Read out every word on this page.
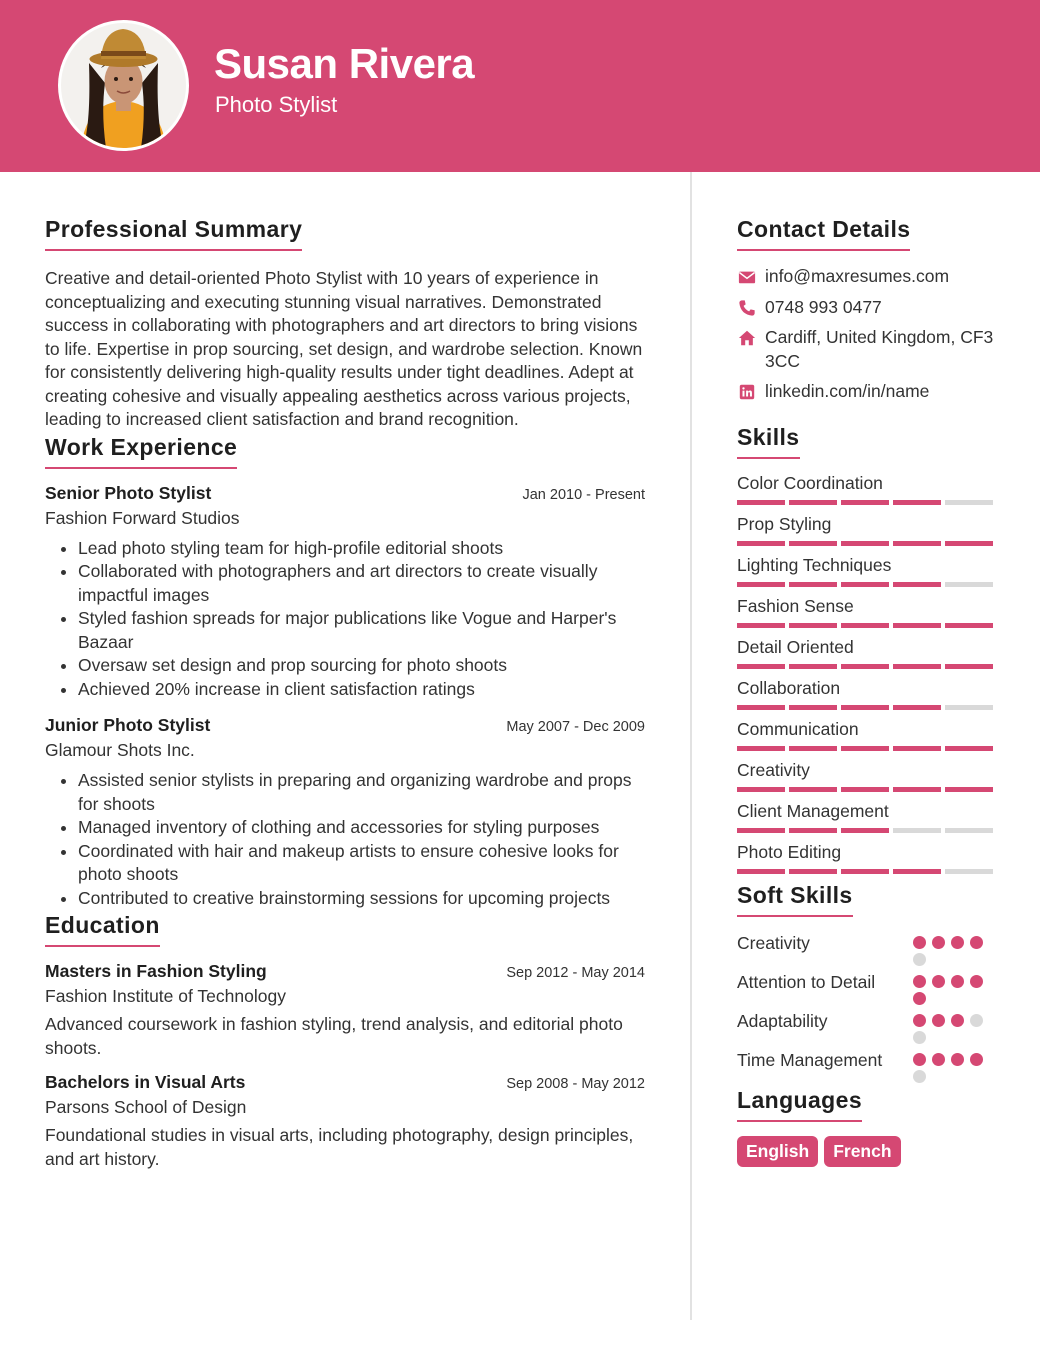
Susan Rivera
Photo Stylist
Professional Summary

Creative and detail-oriented Photo Stylist with 10 years of experience in conceptualizing and executing stunning visual narratives. Demonstrated success in collaborating with photographers and art directors to bring visions to life. Expertise in prop sourcing, set design, and wardrobe selection. Known for consistently delivering high-quality results under tight deadlines. Adept at creating cohesive and visually appealing aesthetics across various projects, leading to increased client satisfaction and brand recognition.

Work Experience
Senior Photo Stylist	Jan 2010 - Present
Fashion Forward Studios
• Lead photo styling team for high-profile editorial shoots
• Collaborated with photographers and art directors to create visually impactful images
• Styled fashion spreads for major publications like Vogue and Harper's Bazaar
• Oversaw set design and prop sourcing for photo shoots
• Achieved 20% increase in client satisfaction ratings
Junior Photo Stylist	May 2007 - Dec 2009
Glamour Shots Inc.
• Assisted senior stylists in preparing and organizing wardrobe and props for shoots
• Managed inventory of clothing and accessories for styling purposes
• Coordinated with hair and makeup artists to ensure cohesive looks for photo shoots
• Contributed to creative brainstorming sessions for upcoming projects
Education
Masters in Fashion Styling	Sep 2012 - May 2014
Fashion Institute of Technology

Advanced coursework in fashion styling, trend analysis, and editorial photo shoots.

Bachelors in Visual Arts	Sep 2008 - May 2012
Parsons School of Design

Foundational studies in visual arts, including photography, design principles, and art history.

Contact Details
info@maxresumes.com
0748 993 0477
Cardiff, United Kingdom, CF3 3CC
linkedin.com/in/name
Skills
Color Coordination
Prop Styling
Lighting Techniques
Fashion Sense
Detail Oriented
Collaboration
Communication
Creativity
Client Management
Photo Editing
Soft Skills
Creativity
Attention to Detail
Adaptability
Time Management
Languages
English	French
